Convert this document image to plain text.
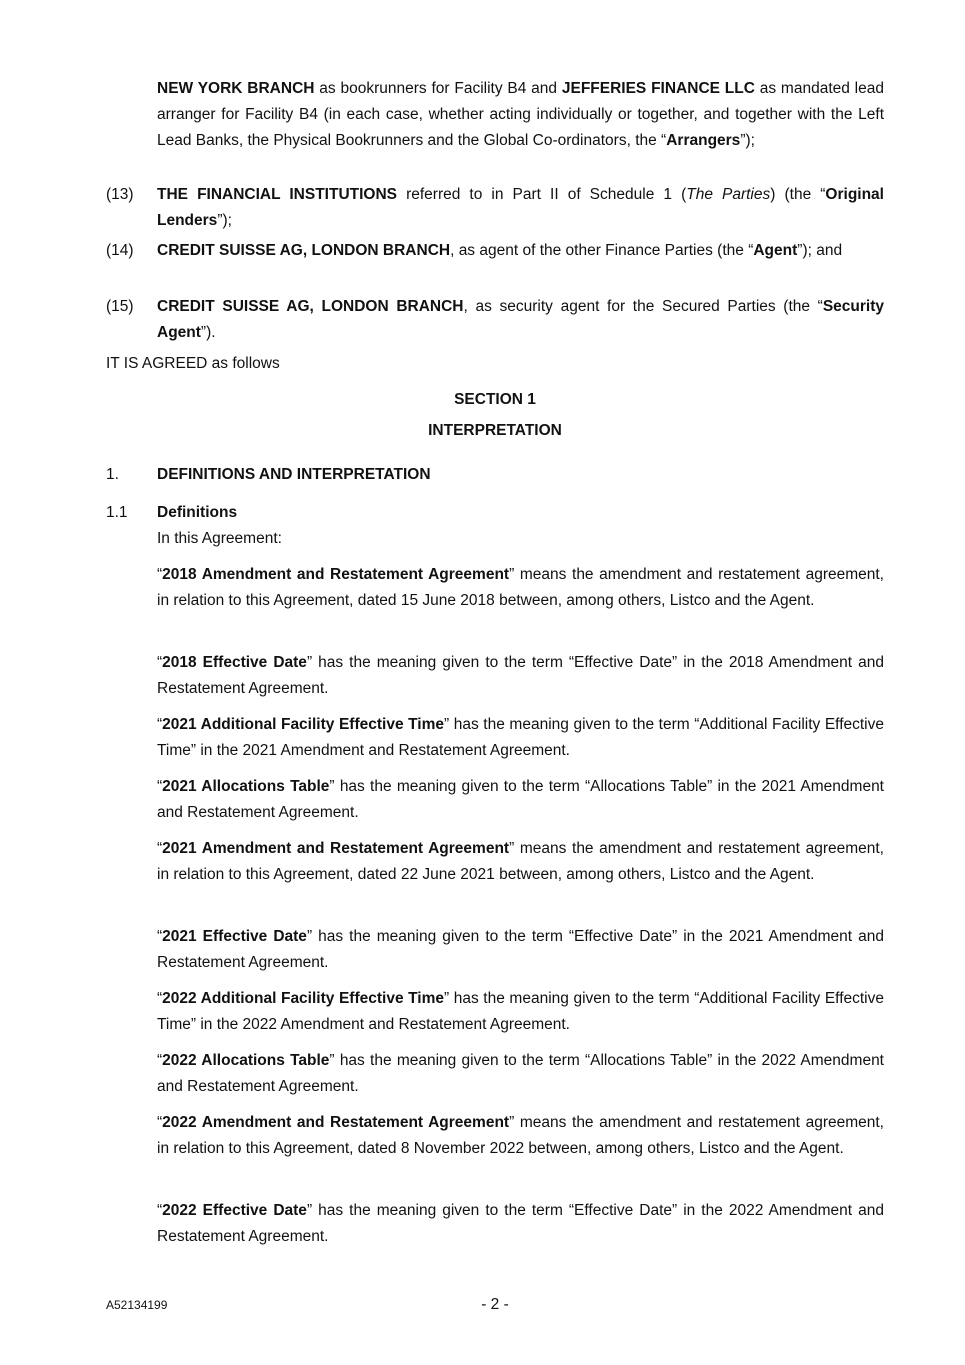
NEW YORK BRANCH as bookrunners for Facility B4 and JEFFERIES FINANCE LLC as mandated lead arranger for Facility B4 (in each case, whether acting individually or together, and together with the Left Lead Banks, the Physical Bookrunners and the Global Co-ordinators, the “Arrangers”);

(13) THE FINANCIAL INSTITUTIONS referred to in Part II of Schedule 1 (The Parties) (the “Original Lenders”);

(14) CREDIT SUISSE AG, LONDON BRANCH, as agent of the other Finance Parties (the “Agent”); and

(15) CREDIT SUISSE AG, LONDON BRANCH, as security agent for the Secured Parties (the “Security Agent”).

IT IS AGREED as follows
SECTION 1
INTERPRETATION
1. DEFINITIONS AND INTERPRETATION
1.1 Definitions
In this Agreement:

“2018 Amendment and Restatement Agreement” means the amendment and restatement agreement, in relation to this Agreement, dated 15 June 2018 between, among others, Listco and the Agent.

“2018 Effective Date” has the meaning given to the term “Effective Date” in the 2018 Amendment and Restatement Agreement.

“2021 Additional Facility Effective Time” has the meaning given to the term “Additional Facility Effective Time” in the 2021 Amendment and Restatement Agreement.

“2021 Allocations Table” has the meaning given to the term “Allocations Table” in the 2021 Amendment and Restatement Agreement.

“2021 Amendment and Restatement Agreement” means the amendment and restatement agreement, in relation to this Agreement, dated 22 June 2021 between, among others, Listco and the Agent.

“2021 Effective Date” has the meaning given to the term “Effective Date” in the 2021 Amendment and Restatement Agreement.

“2022 Additional Facility Effective Time” has the meaning given to the term “Additional Facility Effective Time” in the 2022 Amendment and Restatement Agreement.

“2022 Allocations Table” has the meaning given to the term “Allocations Table” in the 2022 Amendment and Restatement Agreement.

“2022 Amendment and Restatement Agreement” means the amendment and restatement agreement, in relation to this Agreement, dated 8 November 2022 between, among others, Listco and the Agent.

“2022 Effective Date” has the meaning given to the term “Effective Date” in the 2022 Amendment and Restatement Agreement.

A52134199	- 2 -
